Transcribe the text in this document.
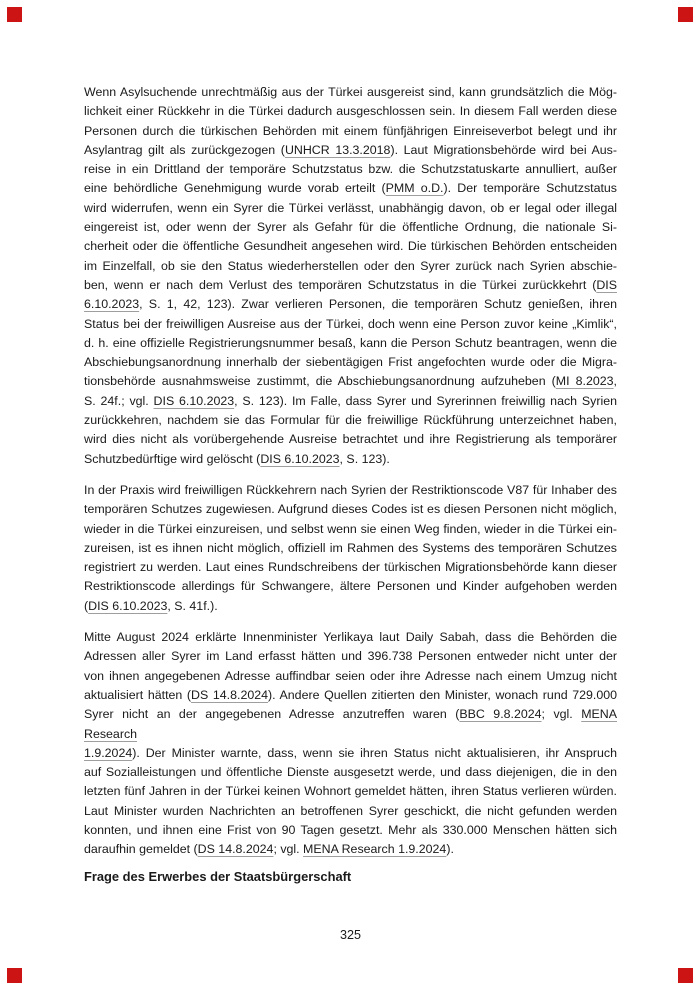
Wenn Asylsuchende unrechtmäßig aus der Türkei ausgereist sind, kann grundsätzlich die Mög-
lichkeit einer Rückkehr in die Türkei dadurch ausgeschlossen sein. In diesem Fall werden diese
Personen durch die türkischen Behörden mit einem fünfjährigen Einreiseverbot belegt und ihr
Asylantrag gilt als zurückgezogen (UNHCR 13.3.2018). Laut Migrationsbehörde wird bei Aus-
reise in ein Drittland der temporäre Schutzstatus bzw. die Schutzstatuskarte annulliert, außer
eine behördliche Genehmigung wurde vorab erteilt (PMM o.D.). Der temporäre Schutzstatus
wird widerrufen, wenn ein Syrer die Türkei verlässt, unabhängig davon, ob er legal oder illegal
eingereist ist, oder wenn der Syrer als Gefahr für die öffentliche Ordnung, die nationale Si-
cherheit oder die öffentliche Gesundheit angesehen wird. Die türkischen Behörden entscheiden
im Einzelfall, ob sie den Status wiederherstellen oder den Syrer zurück nach Syrien abschie-
ben, wenn er nach dem Verlust des temporären Schutzstatus in die Türkei zurückkehrt (DIS
6.10.2023, S. 1, 42, 123). Zwar verlieren Personen, die temporären Schutz genießen, ihren
Status bei der freiwilligen Ausreise aus der Türkei, doch wenn eine Person zuvor keine „Kimlik“,
d. h. eine offizielle Registrierungsnummer besaß, kann die Person Schutz beantragen, wenn die
Abschiebungsanordnung innerhalb der siebentägigen Frist angefochten wurde oder die Migra-
tionsbehörde ausnahmsweise zustimmt, die Abschiebungsanordnung aufzuheben (MI 8.2023,
S. 24f.; vgl. DIS 6.10.2023, S. 123). Im Falle, dass Syrer und Syrerinnen freiwillig nach Syrien
zurückkehren, nachdem sie das Formular für die freiwillige Rückführung unterzeichnet haben,
wird dies nicht als vorübergehende Ausreise betrachtet und ihre Registrierung als temporärer
Schutzbedürftige wird gelöscht (DIS 6.10.2023, S. 123).
In der Praxis wird freiwilligen Rückkehrern nach Syrien der Restriktionscode V87 für Inhaber des
temporären Schutzes zugewiesen. Aufgrund dieses Codes ist es diesen Personen nicht möglich,
wieder in die Türkei einzureisen, und selbst wenn sie einen Weg finden, wieder in die Türkei ein-
zureisen, ist es ihnen nicht möglich, offiziell im Rahmen des Systems des temporären Schutzes
registriert zu werden. Laut eines Rundschreibens der türkischen Migrationsbehörde kann dieser
Restriktionscode allerdings für Schwangere, ältere Personen und Kinder aufgehoben werden
(DIS 6.10.2023, S. 41f.).
Mitte August 2024 erklärte Innenminister Yerlikaya laut Daily Sabah, dass die Behörden die
Adressen aller Syrer im Land erfasst hätten und 396.738 Personen entweder nicht unter der
von ihnen angegebenen Adresse auffindbar seien oder ihre Adresse nach einem Umzug nicht
aktualisiert hätten (DS 14.8.2024). Andere Quellen zitierten den Minister, wonach rund 729.000
Syrer nicht an der angegebenen Adresse anzutreffen waren (BBC 9.8.2024; vgl. MENA Research
1.9.2024). Der Minister warnte, dass, wenn sie ihren Status nicht aktualisieren, ihr Anspruch
auf Sozialleistungen und öffentliche Dienste ausgesetzt werde, und dass diejenigen, die in den
letzten fünf Jahren in der Türkei keinen Wohnort gemeldet hätten, ihren Status verlieren würden.
Laut Minister wurden Nachrichten an betroffenen Syrer geschickt, die nicht gefunden werden
konnten, und ihnen eine Frist von 90 Tagen gesetzt. Mehr als 330.000 Menschen hätten sich
daraufhin gemeldet (DS 14.8.2024; vgl. MENA Research 1.9.2024).
Frage des Erwerbes der Staatsbürgerschaft
325
